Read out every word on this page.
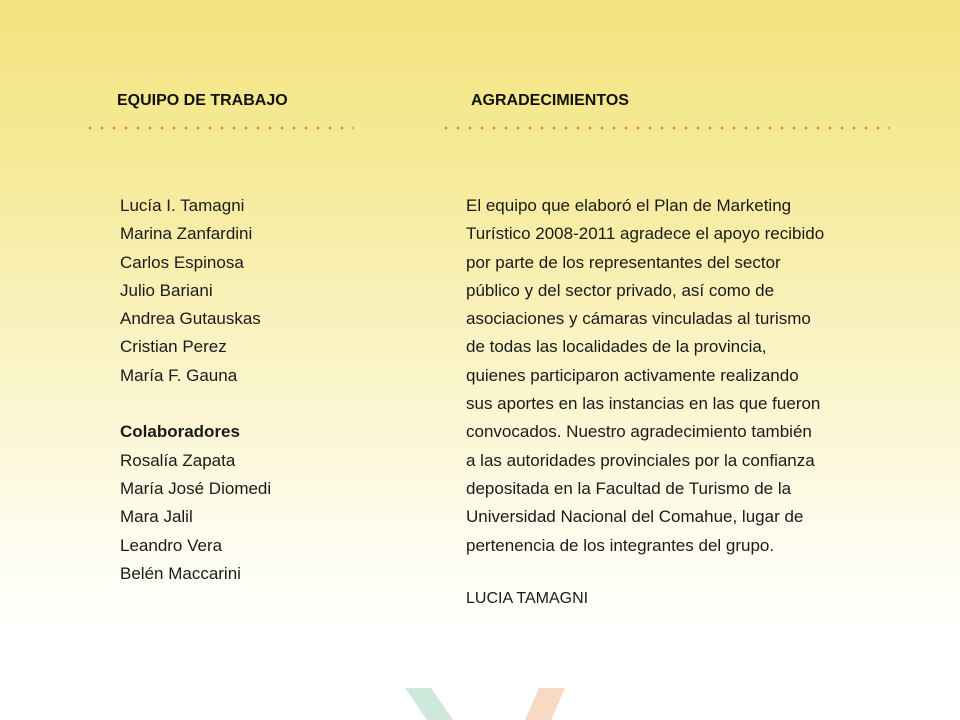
EQUIPO DE TRABAJO	AGRADECIMIENTOS
Lucía I. Tamagni
Marina Zanfardini
Carlos Espinosa
Julio Bariani
Andrea Gutauskas
Cristian Perez
María F. Gauna
Colaboradores
Rosalía Zapata
María José Diomedi
Mara Jalil
Leandro Vera
Belén Maccarini
El equipo que elaboró el Plan de Marketing
Turístico 2008-2011 agradece el apoyo recibido
por parte de los representantes del sector
público y del sector privado, así como de
asociaciones y cámaras vinculadas al turismo
de todas las localidades de la provincia,
quienes participaron activamente realizando
sus aportes en las instancias en las que fueron
convocados. Nuestro agradecimiento también
a las autoridades provinciales por la confianza
depositada en la Facultad de Turismo de la
Universidad Nacional del Comahue, lugar de
pertenencia de los integrantes del grupo.

LUCIA TAMAGNI
